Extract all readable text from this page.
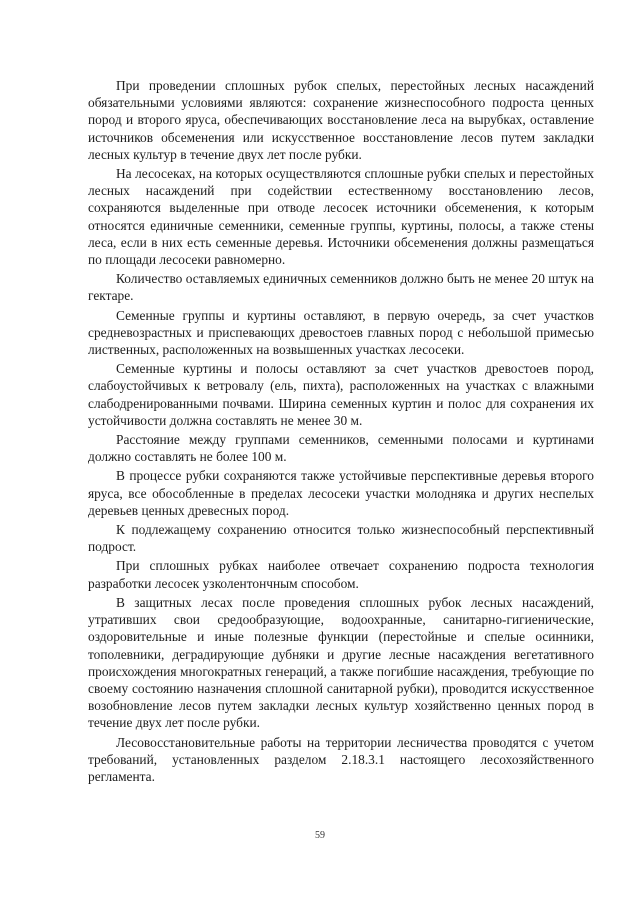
При проведении сплошных рубок спелых, перестойных лесных насаждений обязательными условиями являются: сохранение жизнеспособного подроста ценных пород и второго яруса, обеспечивающих восстановление леса на вырубках, оставление источников обсеменения или искусственное восстановление лесов путем закладки лесных культур в течение двух лет после рубки.

На лесосеках, на которых осуществляются сплошные рубки спелых и перестойных лесных насаждений при содействии естественному восстановлению лесов, сохраняются выделенные при отводе лесосек источники обсеменения, к которым относятся единичные семенники, семенные группы, куртины, полосы, а также стены леса, если в них есть семенные деревья. Источники обсеменения должны размещаться по площади лесосеки равномерно.

Количество оставляемых единичных семенников должно быть не менее 20 штук на гектаре.

Семенные группы и куртины оставляют, в первую очередь, за счет участков средневозрастных и приспевающих древостоев главных пород с небольшой примесью лиственных, расположенных на возвышенных участках лесосеки.

Семенные куртины и полосы оставляют за счет участков древостоев пород, слабоустойчивых к ветровалу (ель, пихта), расположенных на участках с влажными слабодренированными почвами. Ширина семенных куртин и полос для сохранения их устойчивости должна составлять не менее 30 м.

Расстояние между группами семенников, семенными полосами и куртинами должно составлять не более 100 м.

В процессе рубки сохраняются также устойчивые перспективные деревья второго яруса, все обособленные в пределах лесосеки участки молодняка и других неспелых деревьев ценных древесных пород.

К подлежащему сохранению относится только жизнеспособный перспективный подрост.

При сплошных рубках наиболее отвечает сохранению подроста технология разработки лесосек узколентончным способом.

В защитных лесах после проведения сплошных рубок лесных насаждений, утративших свои средообразующие, водоохранные, санитарно-гигиенические, оздоровительные и иные полезные функции (перестойные и спелые осинники, тополевники, деградирующие дубняки и другие лесные насаждения вегетативного происхождения многократных генераций, а также погибшие насаждения, требующие по своему состоянию назначения сплошной санитарной рубки), проводится искусственное возобновление лесов путем закладки лесных культур хозяйственно ценных пород в течение двух лет после рубки.

Лесовосстановительные работы на территории лесничества проводятся с учетом требований, установленных разделом 2.18.3.1 настоящего лесохозяйственного регламента.

59
